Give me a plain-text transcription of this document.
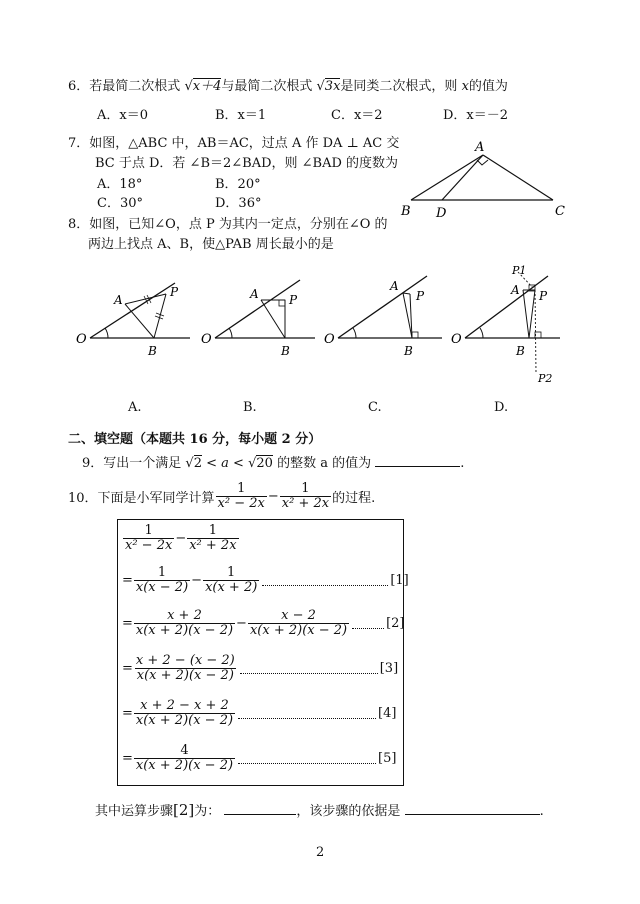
6．若最简二次根式 √x＋4与最简二次根式 √3x是同类二次根式，则 x的值为
A．x＝0	B．x＝1	C．x＝2	D．x＝－2
7．如图，△ABC 中，AB＝AC，过点 A 作 DA ⊥ AC 交
BC 于点 D．若 ∠B＝2∠BAD，则 ∠BAD 的度数为
A．18°	B．20°
C．30°	D．36°
A
B D	C
8．如图，已知∠O，点 P 为其内一定点，分别在∠O 的
两边上找点 A、B，使△PAB 周长最小的是
O
A
B
P
O
A
B
P
O
A
B
P
O
A
B
P
P1
P2
A.	B.	C.	D.
二、填空题（本题共 16 分，每小题 2 分）
9．写出一个满足 √2 < a < √20 的整数 a 的值为	.
10．下面是小军同学计算 $\frac{1}{\text{x² − 2x}} - \frac{1}{\text{x² + 2x}}$ 的过程.
$\frac{1}{\text{x² − 2x}} - \frac{1}{\text{x² + 2x}}$
= $\frac{1}{x(x - 2)} - \frac{1}{x(x + 2)}$	[1]
= $\frac{x + 2}{x(x + 2)(x - 2)} - \frac{x - 2}{x(x + 2)(x - 2)}$	[2]
= $\frac{x + 2 - (x - 2)}{x(x + 2)(x - 2)}$	[3]
= $\frac{x + 2 - x + 2}{x(x + 2)(x - 2)}$	[4]
= $\frac{4}{x(x + 2)(x - 2)}$	[5]
其中运算步骤[2]为：	，该步骤的依据是	.
2
